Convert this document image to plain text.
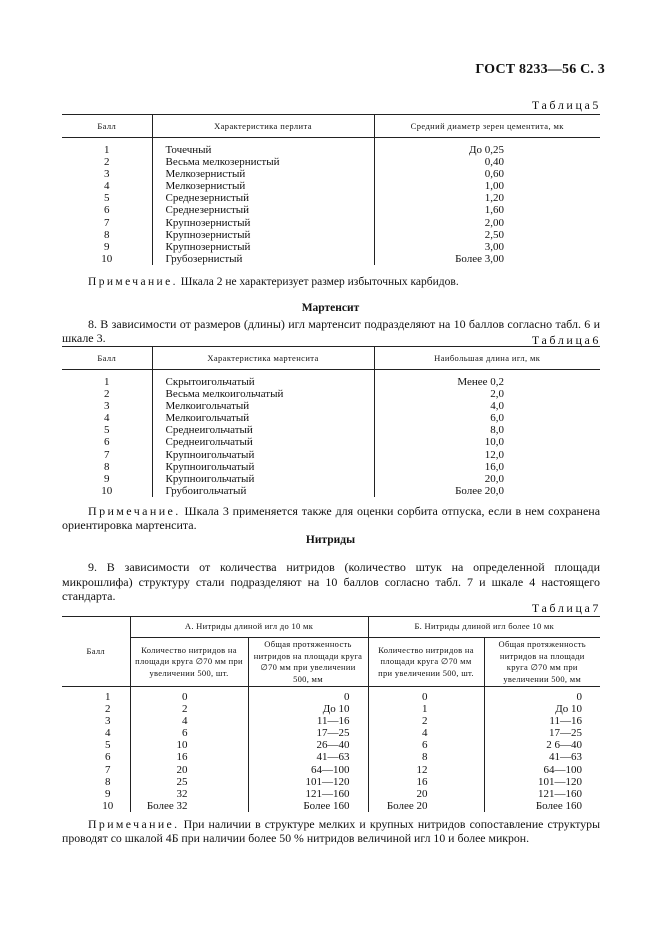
ГОСТ 8233—56 С. 3
Таблица5
Балл	Характеристика перлита	Средний диаметр зерен цементита, мк
1	Точечный	До 0,25
2	Весьма мелкозернистый	0,40
3	Мелкозернистый	0,60
4	Мелкозернистый	1,00
5	Среднезернистый	1,20
6	Среднезернистый	1,60
7	Крупнозернистый	2,00
8	Крупнозернистый	2,50
9	Крупнозернистый	3,00
10	Грубозернистый	Более 3,00
Примечание. Шкала 2 не характеризует размер избыточных карбидов.
Мартенсит
8. В зависимости от размеров (длины) игл мартенсит подразделяют на 10 баллов согласно табл. 6 и шкале 3.	Таблица6
Балл	Характеристика мартенсита	Наибольшая длина игл, мк
1	Скрытоигольчатый	Менее 0,2
2	Весьма мелкоигольчатый	2,0
3	Мелкоигольчатый	4,0
4	Мелкоигольчатый	6,0
5	Среднеигольчатый	8,0
6	Среднеигольчатый	10,0
7	Крупноигольчатый	12,0
8	Крупноигольчатый	16,0
9	Крупноигольчатый	20,0
10	Грубоигольчатый	Более 20,0
Примечание. Шкала 3 применяется также для оценки сорбита отпуска, если в нем сохранена ориентировка мартенсита.
Нитриды
9. В зависимости от количества нитридов (количество штук на определенной площади микрошлифа) структуру стали подразделяют на 10 баллов согласно табл. 7 и шкале 4 настоящего стандарта.
Таблица7
Балл	А. Нитриды длиной игл до 10 мк		Б. Нитриды длиной игл более 10 мк	
	Количество нитридов на площади круга ∅70 мм при увеличении 500, шт.	Общая протяженность нитридов на площади круга ∅70 мм при увеличении 500, мм	Количество нитридов на площади круга ∅70 мм при увеличении 500, шт.	Общая протяженность нитридов на площади круга ∅70 мм при увеличении 500, мм
1	0	0	0	0
2	2	До 10	1	До 10
3	4	11—16	2	11—16
4	6	17—25	4	17—25
5	10	26—40	6	2 6—40
6	16	41—63	8	41—63
7	20	64—100	12	64—100
8	25	101—120	16	101—120
9	32	121—160	20	121—160
10	Более 32	Более 160	Более 20	Более 160
Примечание. При наличии в структуре мелких и крупных нитридов сопоставление структуры проводят со шкалой 4Б при наличии более 50 % нитридов величиной игл 10 и более микрон.
